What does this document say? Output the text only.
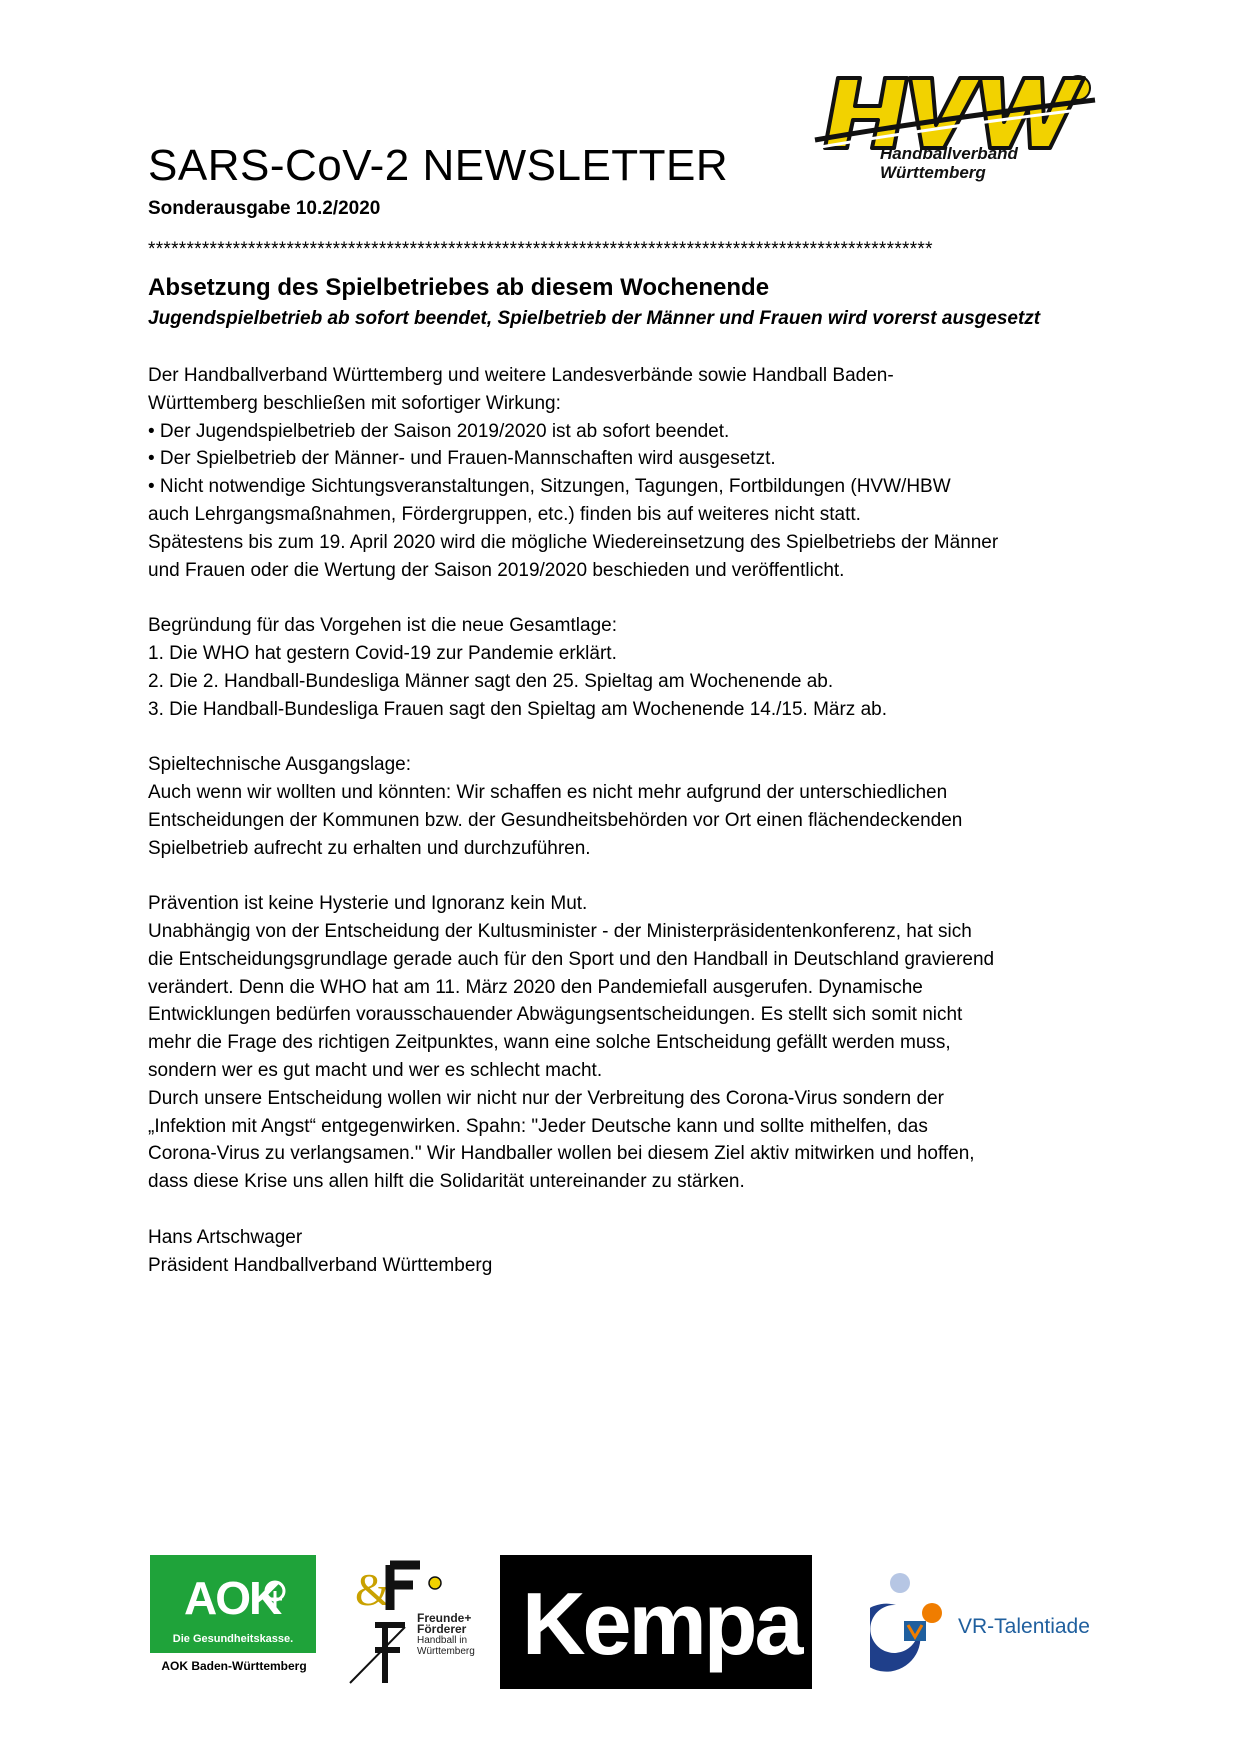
Handballverband
Württemberg
SARS-CoV-2 NEWSLETTER
Sonderausgabe 10.2/2020
******************************************************************************************************
Absetzung des Spielbetriebes ab diesem Wochenende
Jugendspielbetrieb ab sofort beendet, Spielbetrieb der Männer und Frauen wird vorerst ausgesetzt

Der Handballverband Württemberg und weitere Landesverbände sowie Handball Baden-

Württemberg beschließen mit sofortiger Wirkung:

• Der Jugendspielbetrieb der Saison 2019/2020 ist ab sofort beendet.

• Der Spielbetrieb der Männer- und Frauen-Mannschaften wird ausgesetzt.

• Nicht notwendige Sichtungsveranstaltungen, Sitzungen, Tagungen, Fortbildungen (HVW/HBW

auch Lehrgangsmaßnahmen, Fördergruppen, etc.) finden bis auf weiteres nicht statt.

Spätestens bis zum 19. April 2020 wird die mögliche Wiedereinsetzung des Spielbetriebs der Männer

und Frauen oder die Wertung der Saison 2019/2020 beschieden und veröffentlicht.

Begründung für das Vorgehen ist die neue Gesamtlage:

1. Die WHO hat gestern Covid-19 zur Pandemie erklärt.

2. Die 2. Handball-Bundesliga Männer sagt den 25. Spieltag am Wochenende ab.

3. Die Handball-Bundesliga Frauen sagt den Spieltag am Wochenende 14./15. März ab.

Spieltechnische Ausgangslage:

Auch wenn wir wollten und könnten: Wir schaffen es nicht mehr aufgrund der unterschiedlichen

Entscheidungen der Kommunen bzw. der Gesundheitsbehörden vor Ort einen flächendeckenden

Spielbetrieb aufrecht zu erhalten und durchzuführen.

Prävention ist keine Hysterie und Ignoranz kein Mut.

Unabhängig von der Entscheidung der Kultusminister - der Ministerpräsidentenkonferenz, hat sich

die Entscheidungsgrundlage gerade auch für den Sport und den Handball in Deutschland gravierend

verändert. Denn die WHO hat am 11. März 2020 den Pandemiefall ausgerufen. Dynamische

Entwicklungen bedürfen vorausschauender Abwägungsentscheidungen. Es stellt sich somit nicht

mehr die Frage des richtigen Zeitpunktes, wann eine solche Entscheidung gefällt werden muss,

sondern wer es gut macht und wer es schlecht macht.

Durch unsere Entscheidung wollen wir nicht nur der Verbreitung des Corona-Virus sondern der

„Infektion mit Angst“ entgegenwirken. Spahn: "Jeder Deutsche kann und sollte mithelfen, das

Corona-Virus zu verlangsamen." Wir Handballer wollen bei diesem Ziel aktiv mitwirken und hoffen,

dass diese Krise uns allen hilft die Solidarität untereinander zu stärken.

Hans Artschwager

Präsident Handballverband Württemberg

AOK
Die Gesundheitskasse.
AOK Baden-Württemberg
&
Freunde+
Förderer
Handball in
Württemberg Kempa	VR-Talentiade
